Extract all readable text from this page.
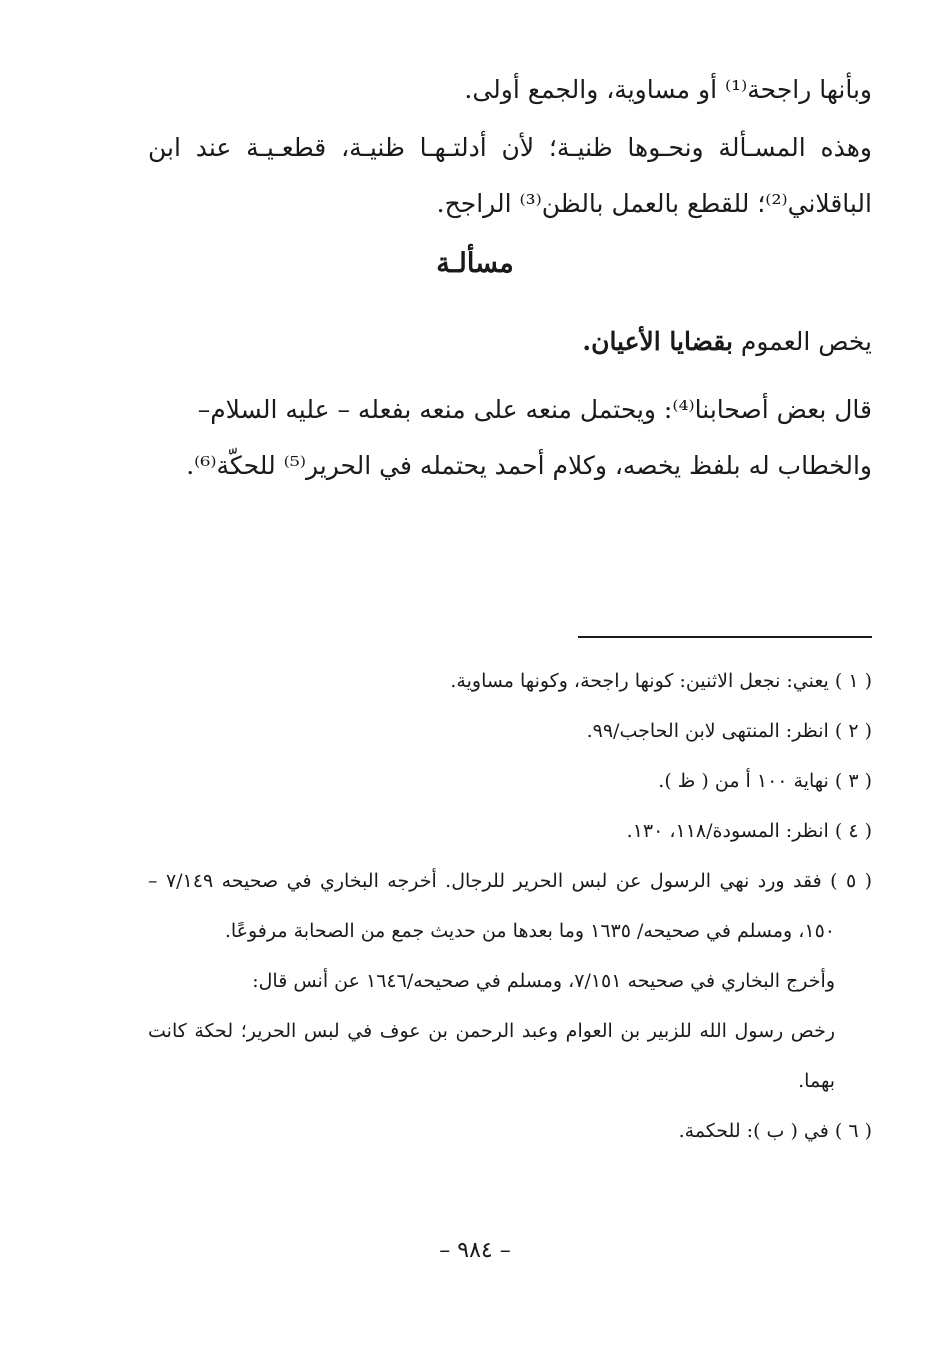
وبأنها راجحة⁽¹⁾ أو مساوية، والجمع أولى.

وهذه المسـألة ونحـوها ظنيـة؛ لأن أدلتـهـا ظنيـة، قطعـيـة عند ابن

الباقلاني⁽²⁾؛ للقطع بالعمل بالظن⁽³⁾ الراجح.

مسألـة

يخص العموم بقضايا الأعيان.

قال بعض أصحابنا⁽⁴⁾: ويحتمل منعه على منعه بفعله – عليه السلام–

والخطاب له بلفظ يخصه، وكلام أحمد يحتمله في الحرير⁽⁵⁾ للحكّة⁽⁶⁾.

( ١ ) يعني: نجعل الاثنين: كونها راجحة، وكونها مساوية.

( ٢ ) انظر: المنتهى لابن الحاجب/٩٩.

( ٣ ) نهاية ١٠٠ أ من ( ظ ).

( ٤ ) انظر: المسودة/١١٨، ١٣٠.

( ٥ ) فقد ورد نهي الرسول عن لبس الحرير للرجال. أخرجه البخاري في صحيحه ٧/١٤٩ –

١٥٠، ومسلم في صحيحه/ ١٦٣٥ وما بعدها من حديث جمع من الصحابة مرفوعًا.

وأخرج البخاري في صحيحه ٧/١٥١، ومسلم في صحيحه/١٦٤٦ عن أنس قال:

رخص رسول الله للزبير بن العوام وعبد الرحمن بن عوف في لبس الحرير؛ لحكة كانت

بهما.

( ٦ ) في ( ب ): للحكمة.

– ٩٨٤ –
